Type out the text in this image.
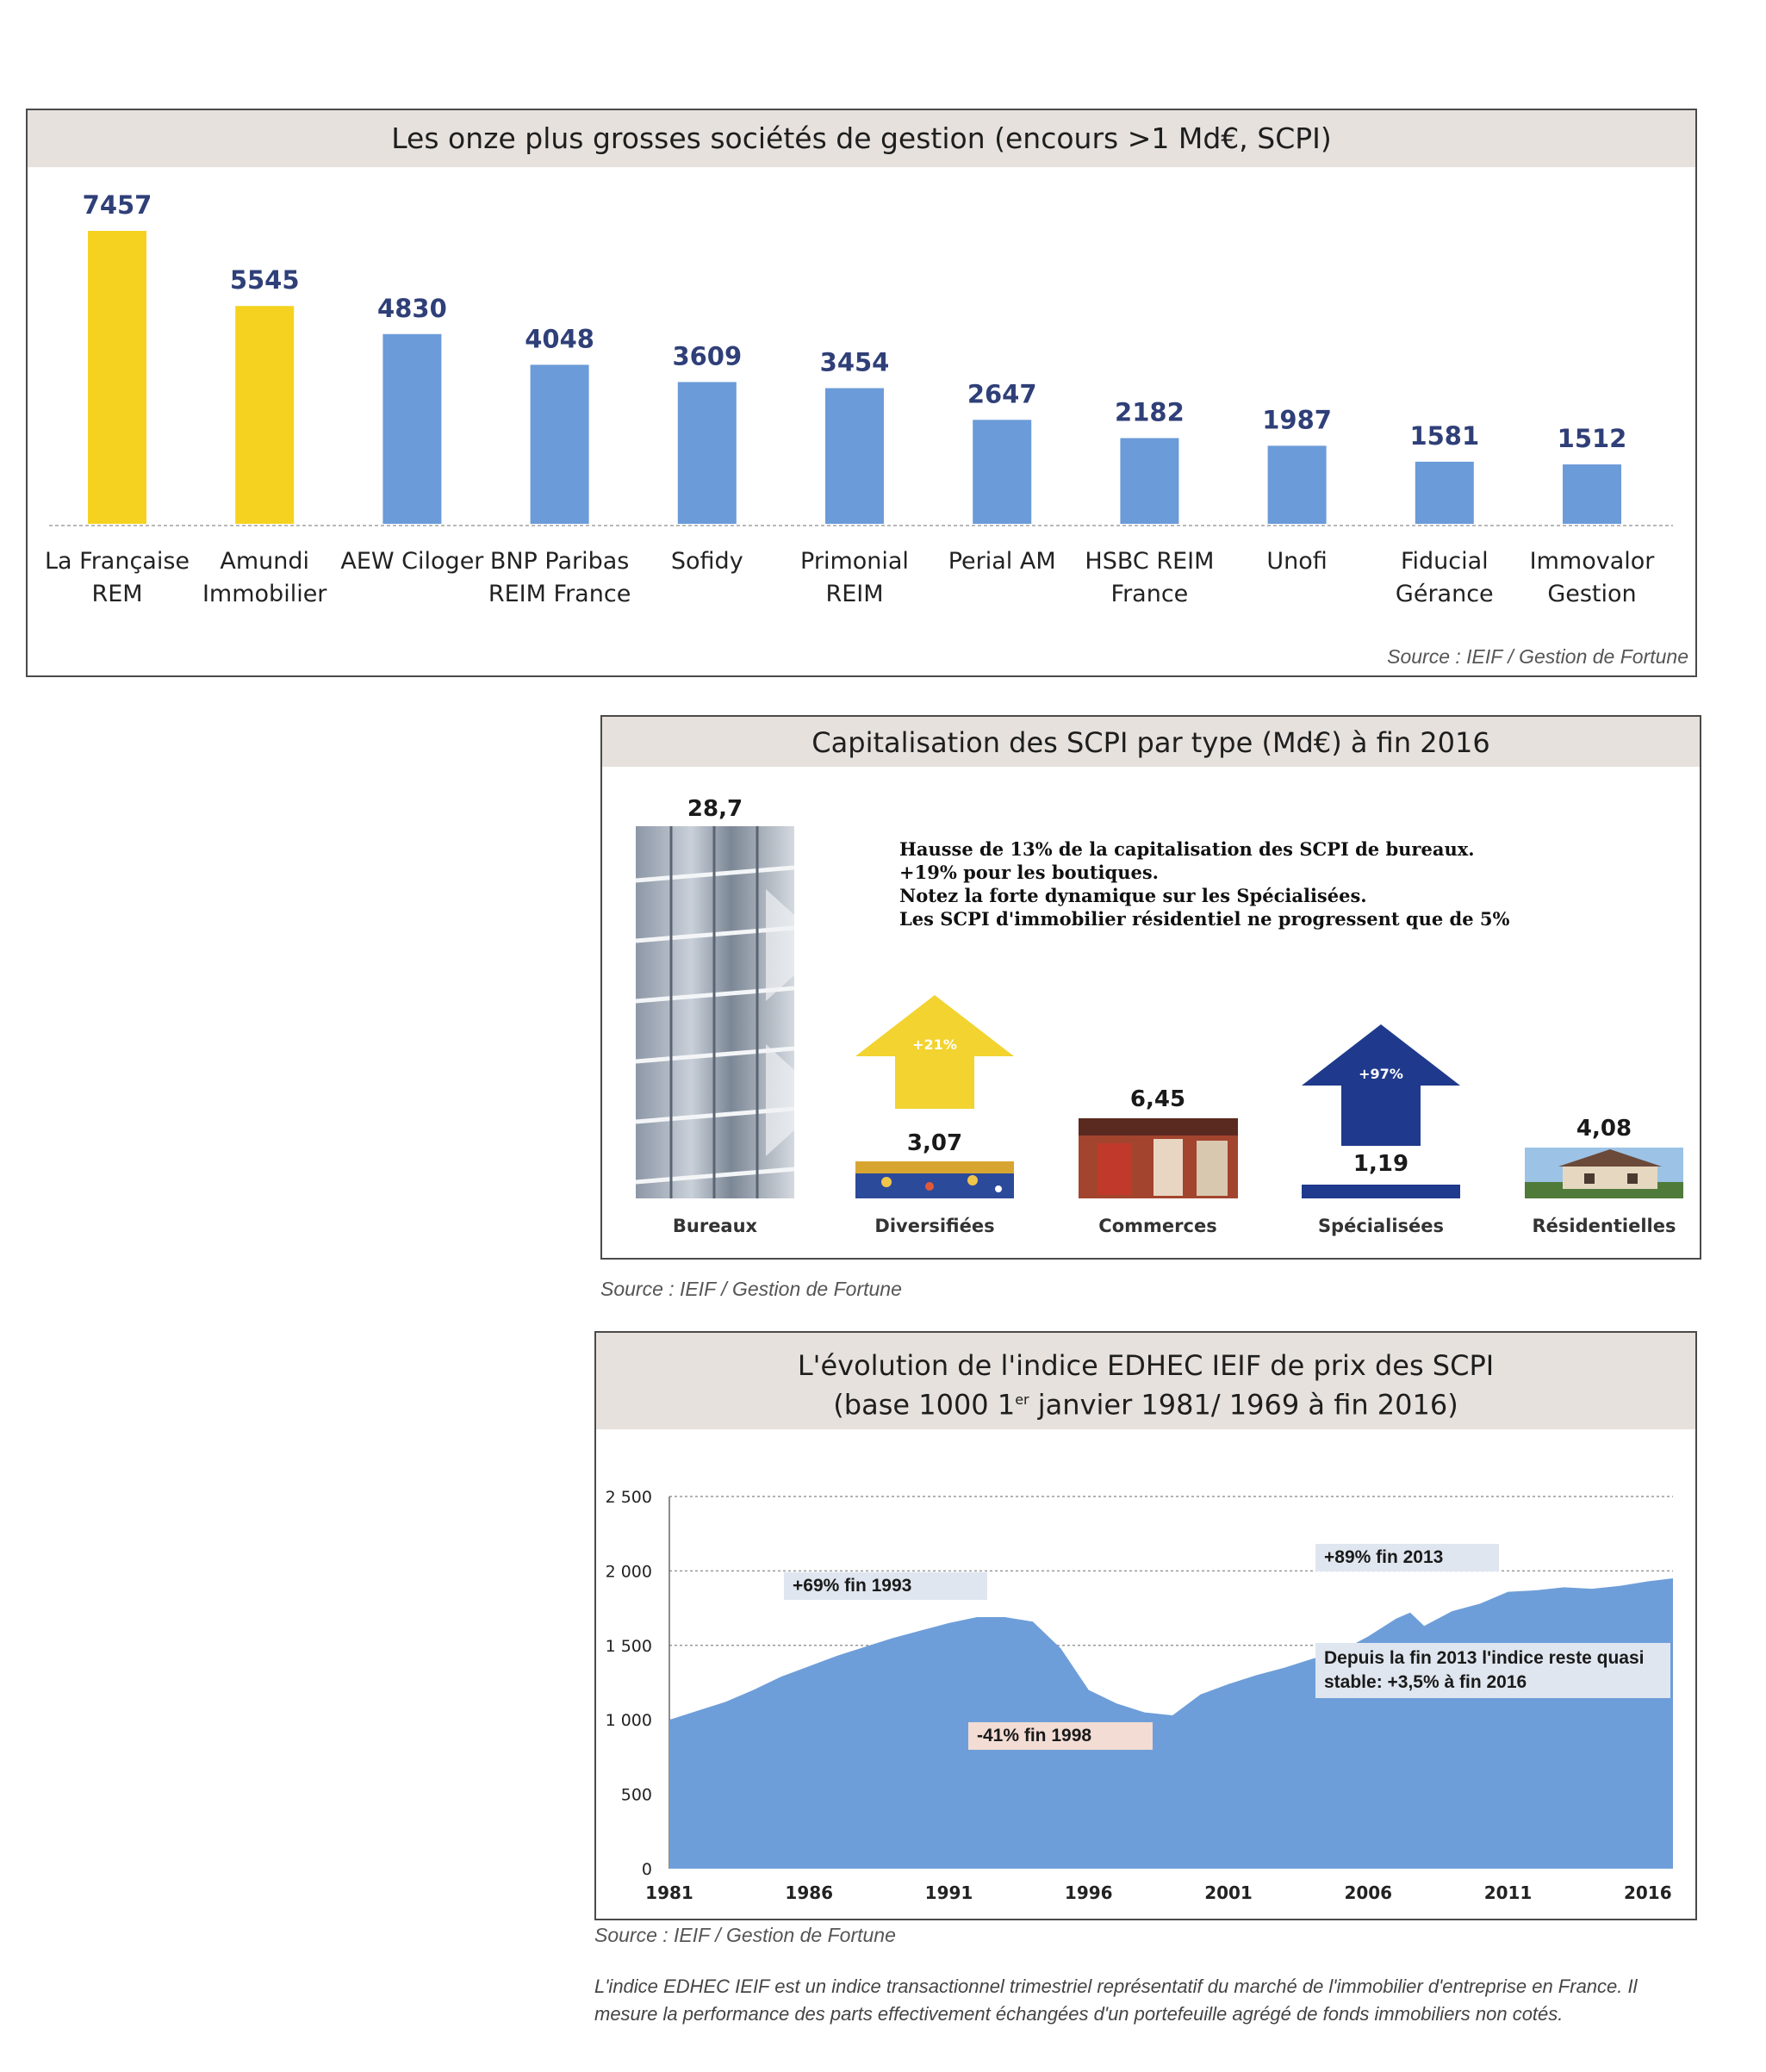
Les onze plus grosses sociétés de gestion (encours >1 Md€, SCPI)
7457
La Française
REM
5545
Amundi
Immobilier
4830
AEW Ciloger
4048
BNP Paribas
REIM France
3609
Sofidy
3454
Primonial
REIM
2647
Perial AM
2182
HSBC REIM
France
1987
Unofi
1581
Fiducial
Gérance
1512
Immovalor
Gestion
Source : IEIF / Gestion de Fortune
Capitalisation des SCPI par type (Md€) à fin 2016
Hausse de 13% de la capitalisation des SCPI de bureaux.
+19% pour les boutiques.
Notez la forte dynamique sur les Spécialisées.
Les SCPI d'immobilier résidentiel ne progressent que de 5%
+21%
+97%
28,7
Bureaux
3,07
Diversifiées
6,45
Commerces
1,19
Spécialisées
4,08
Résidentielles
Source : IEIF / Gestion de Fortune
L'évolution de l'indice EDHEC IEIF de prix des SCPI
(base 1000 1er janvier 1981/ 1969 à fin 2016)
0
500
1 000
1 500
2 000
2 500
1981	1986	1991	1996	2001	2006	2011	2016
+69% fin 1993
-41% fin 1998
+89% fin 2013
Depuis la fin 2013 l'indice reste quasi
stable: +3,5% à fin 2016
Source : IEIF / Gestion de Fortune
L'indice EDHEC IEIF est un indice transactionnel trimestriel représentatif du marché de l'immobilier d'entreprise en France. Il
mesure la performance des parts effectivement échangées d'un portefeuille agrégé de fonds immobiliers non cotés.
